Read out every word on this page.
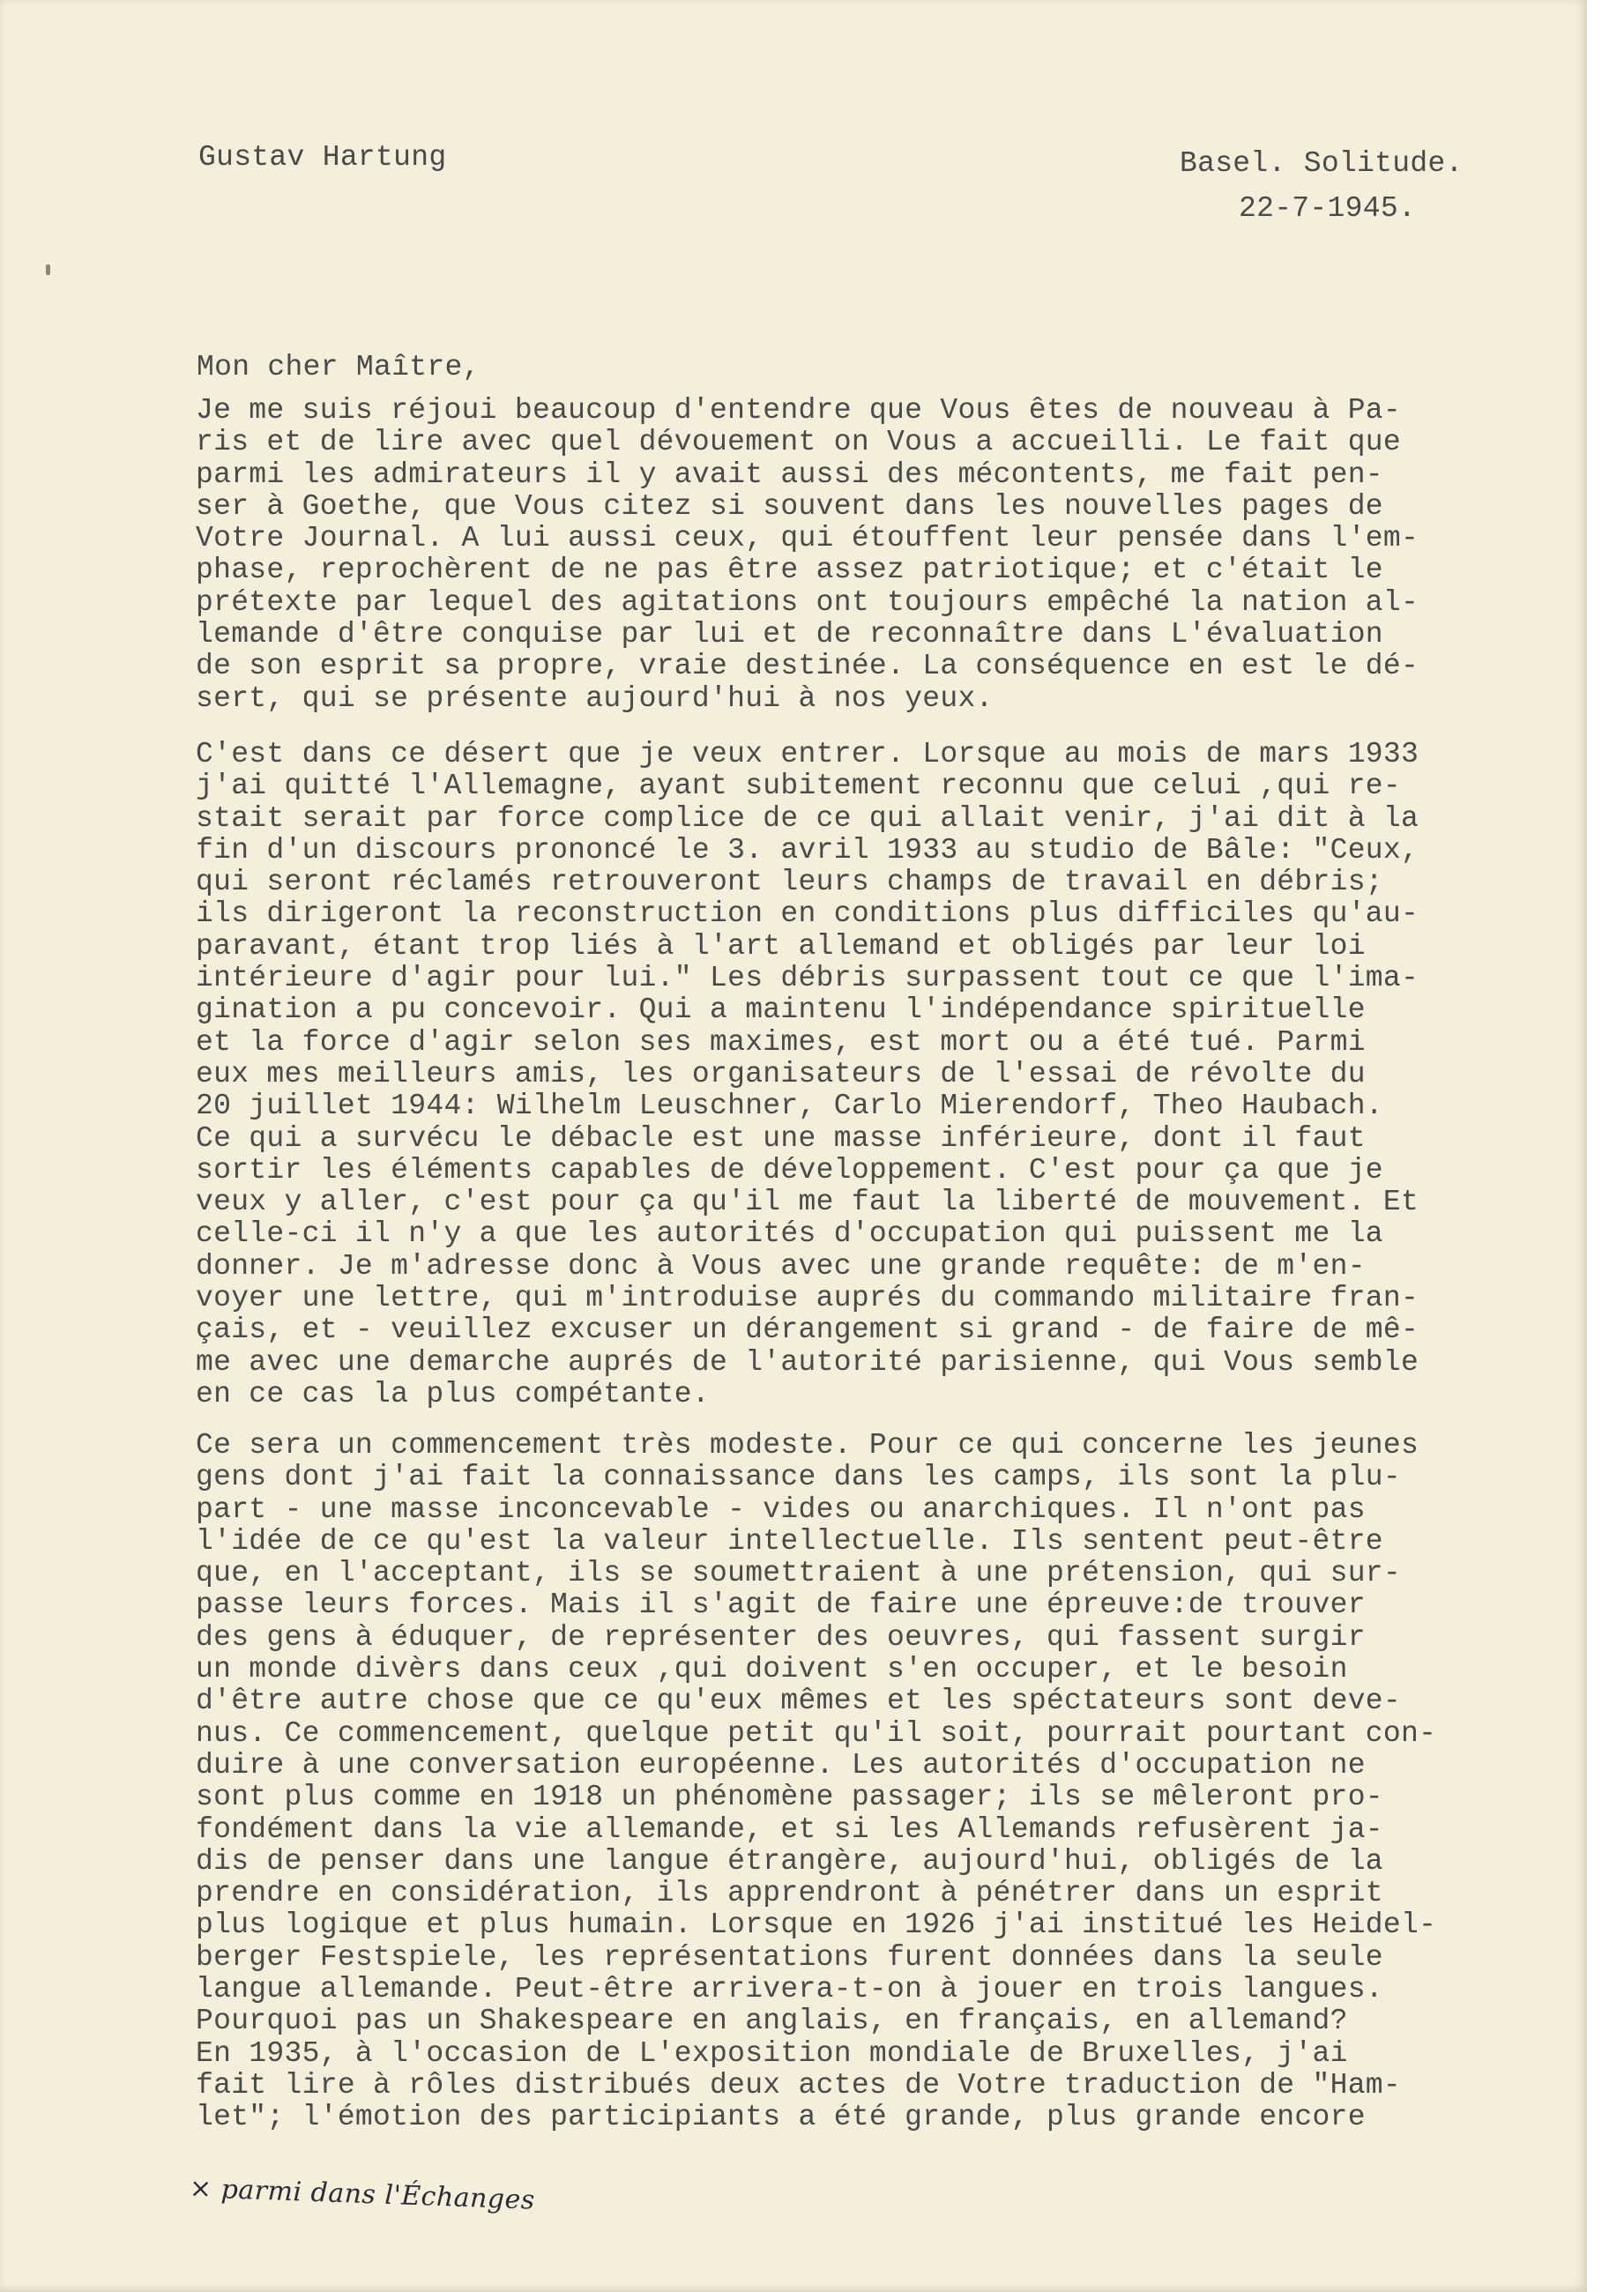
Gustav Hartung	Basel. Solitude.
22-7-1945.
Mon cher Maître,
Je me suis réjoui beaucoup d'entendre que Vous êtes de nouveau à Pa-
ris et de lire avec quel dévouement on Vous a accueilli. Le fait que
parmi les admirateurs il y avait aussi des mécontents, me fait pen-
ser à Goethe, que Vous citez si souvent dans les nouvelles pages de
Votre Journal. A lui aussi ceux, qui étouffent leur pensée dans l'em-
phase, reprochèrent de ne pas être assez patriotique; et c'était le
prétexte par lequel des agitations ont toujours empêché la nation al-
lemande d'être conquise par lui et de reconnaître dans L'évaluation
de son esprit sa propre, vraie destinée. La conséquence en est le dé-
sert, qui se présente aujourd'hui à nos yeux.
C'est dans ce désert que je veux entrer. Lorsque au mois de mars 1933
j'ai quitté l'Allemagne, ayant subitement reconnu que celui ,qui re-
stait serait par force complice de ce qui allait venir, j'ai dit à la
fin d'un discours prononcé le 3. avril 1933 au studio de Bâle: "Ceux,
qui seront réclamés retrouveront leurs champs de travail en débris;
ils dirigeront la reconstruction en conditions plus difficiles qu'au-
paravant, étant trop liés à l'art allemand et obligés par leur loi
intérieure d'agir pour lui." Les débris surpassent tout ce que l'ima-
gination a pu concevoir. Qui a maintenu l'indépendance spirituelle
et la force d'agir selon ses maximes, est mort ou a été tué. Parmi
eux mes meilleurs amis, les organisateurs de l'essai de révolte du
20 juillet 1944: Wilhelm Leuschner, Carlo Mierendorf, Theo Haubach.
Ce qui a survécu le débacle est une masse inférieure, dont il faut
sortir les éléments capables de développement. C'est pour ça que je
veux y aller, c'est pour ça qu'il me faut la liberté de mouvement. Et
celle-ci il n'y a que les autorités d'occupation qui puissent me la
donner. Je m'adresse donc à Vous avec une grande requête: de m'en-
voyer une lettre, qui m'introduise auprés du commando militaire fran-
çais, et - veuillez excuser un dérangement si grand - de faire de mê-
me avec une demarche auprés de l'autorité parisienne, qui Vous semble
en ce cas la plus compétante.
Ce sera un commencement très modeste. Pour ce qui concerne les jeunes
gens dont j'ai fait la connaissance dans les camps, ils sont la plu-
part - une masse inconcevable - vides ou anarchiques. Il n'ont pas
l'idée de ce qu'est la valeur intellectuelle. Ils sentent peut-être
que, en l'acceptant, ils se soumettraient à une prétension, qui sur-
passe leurs forces. Mais il s'agit de faire une épreuve:de trouver
des gens à éduquer, de représenter des oeuvres, qui fassent surgir
un monde divèrs dans ceux ,qui doivent s'en occuper, et le besoin
d'être autre chose que ce qu'eux mêmes et les spéctateurs sont deve-
nus. Ce commencement, quelque petit qu'il soit, pourrait pourtant con-
duire à une conversation européenne. Les autorités d'occupation ne
sont plus comme en 1918 un phénomène passager; ils se mêleront pro-
fondément dans la vie allemande, et si les Allemands refusèrent ja-
dis de penser dans une langue étrangère, aujourd'hui, obligés de la
prendre en considération, ils apprendront à pénétrer dans un esprit
plus logique et plus humain. Lorsque en 1926 j'ai institué les Heidel-
berger Festspiele, les représentations furent données dans la seule
langue allemande. Peut-être arrivera-t-on à jouer en trois langues.
Pourquoi pas un Shakespeare en anglais, en français, en allemand?
En 1935, à l'occasion de L'exposition mondiale de Bruxelles, j'ai
fait lire à rôles distribués deux actes de Votre traduction de "Ham-
let"; l'émotion des participiants a été grande, plus grande encore
× parmi dans l'Échanges
